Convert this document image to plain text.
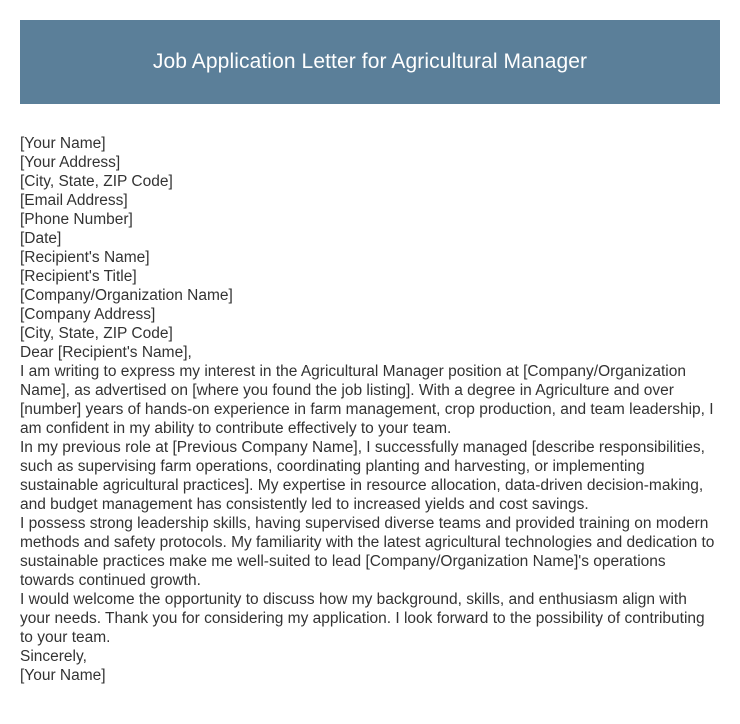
Job Application Letter for Agricultural Manager
[Your Name]
[Your Address]
[City, State, ZIP Code]
[Email Address]
[Phone Number]
[Date]
[Recipient's Name]
[Recipient's Title]
[Company/Organization Name]
[Company Address]
[City, State, ZIP Code]
Dear [Recipient's Name],

I am writing to express my interest in the Agricultural Manager position at [Company/Organization Name], as advertised on [where you found the job listing]. With a degree in Agriculture and over [number] years of hands-on experience in farm management, crop production, and team leadership, I am confident in my ability to contribute effectively to your team.

In my previous role at [Previous Company Name], I successfully managed [describe responsibilities, such as supervising farm operations, coordinating planting and harvesting, or implementing sustainable agricultural practices]. My expertise in resource allocation, data-driven decision-making, and budget management has consistently led to increased yields and cost savings.

I possess strong leadership skills, having supervised diverse teams and provided training on modern methods and safety protocols. My familiarity with the latest agricultural technologies and dedication to sustainable practices make me well-suited to lead [Company/Organization Name]'s operations towards continued growth.

I would welcome the opportunity to discuss how my background, skills, and enthusiasm align with your needs. Thank you for considering my application. I look forward to the possibility of contributing to your team.

Sincerely,
[Your Name]
